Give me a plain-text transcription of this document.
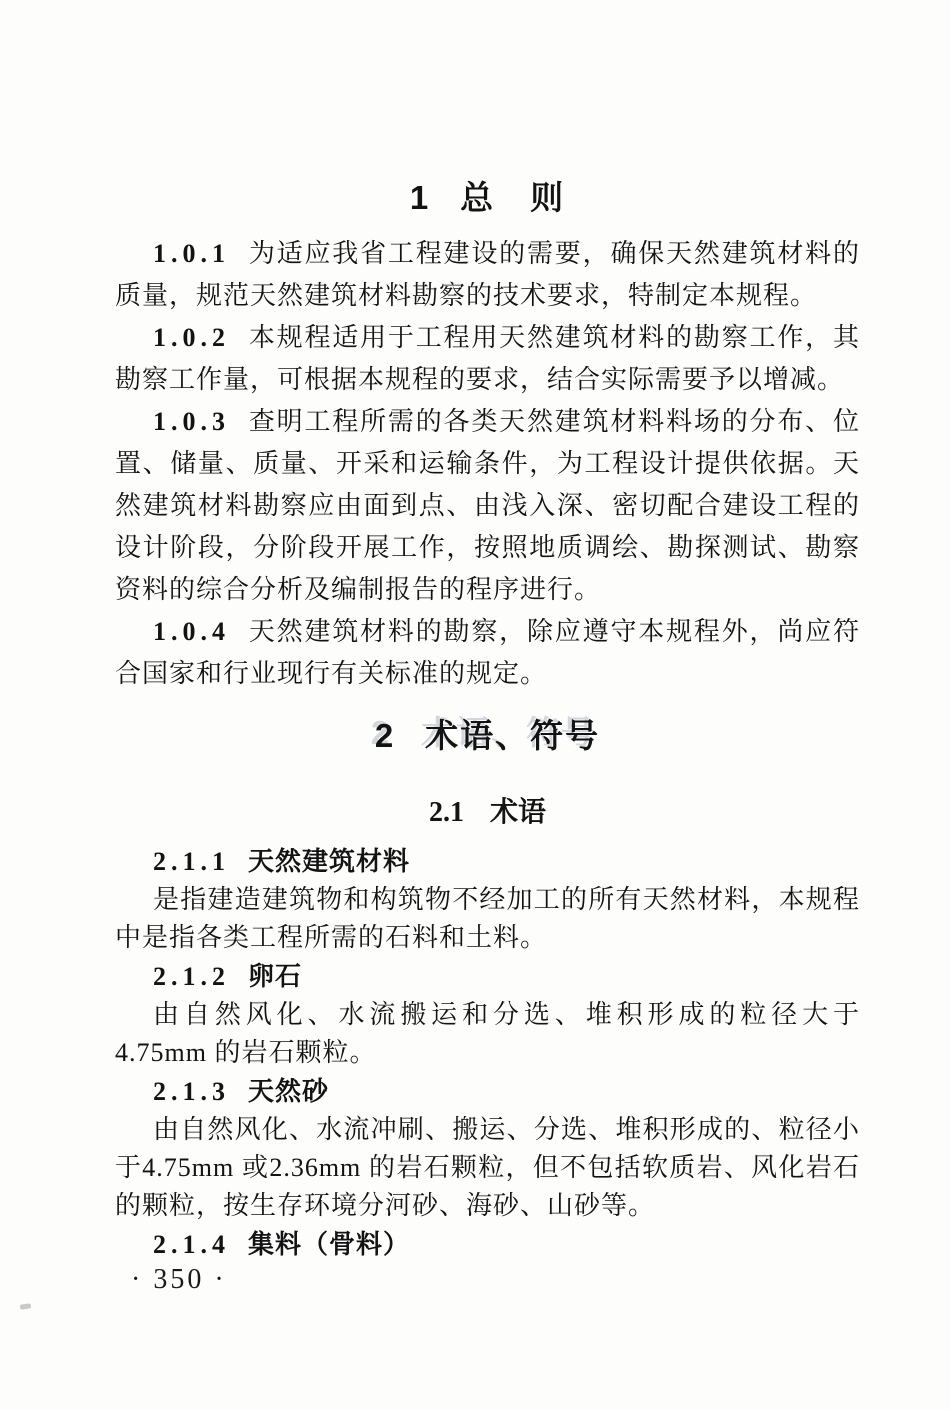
1 总　则

1.0.1 为适应我省工程建设的需要，确保天然建筑材料的质量，规范天然建筑材料勘察的技术要求，特制定本规程。

1.0.2 本规程适用于工程用天然建筑材料的勘察工作，其勘察工作量，可根据本规程的要求，结合实际需要予以增减。

1.0.3 查明工程所需的各类天然建筑材料料场的分布、位置、储量、质量、开采和运输条件，为工程设计提供依据。天然建筑材料勘察应由面到点、由浅入深、密切配合建设工程的设计阶段，分阶段开展工作，按照地质调绘、勘探测试、勘察资料的综合分析及编制报告的程序进行。

1.0.4 天然建筑材料的勘察，除应遵守本规程外，尚应符合国家和行业现行有关标准的规定。

2 术语、符号
2.1 术语

2.1.1 天然建筑材料

是指建造建筑物和构筑物不经加工的所有天然材料，本规程中是指各类工程所需的石料和土料。

2.1.2 卵石

由自然风化、水流搬运和分选、堆积形成的粒径大于4.75mm 的岩石颗粒。

2.1.3 天然砂

由自然风化、水流冲刷、搬运、分选、堆积形成的、粒径小于4.75mm 或2.36mm 的岩石颗粒，但不包括软质岩、风化岩石的颗粒，按生存环境分河砂、海砂、山砂等。

2.1.4 集料（骨料）

· 350 ·
